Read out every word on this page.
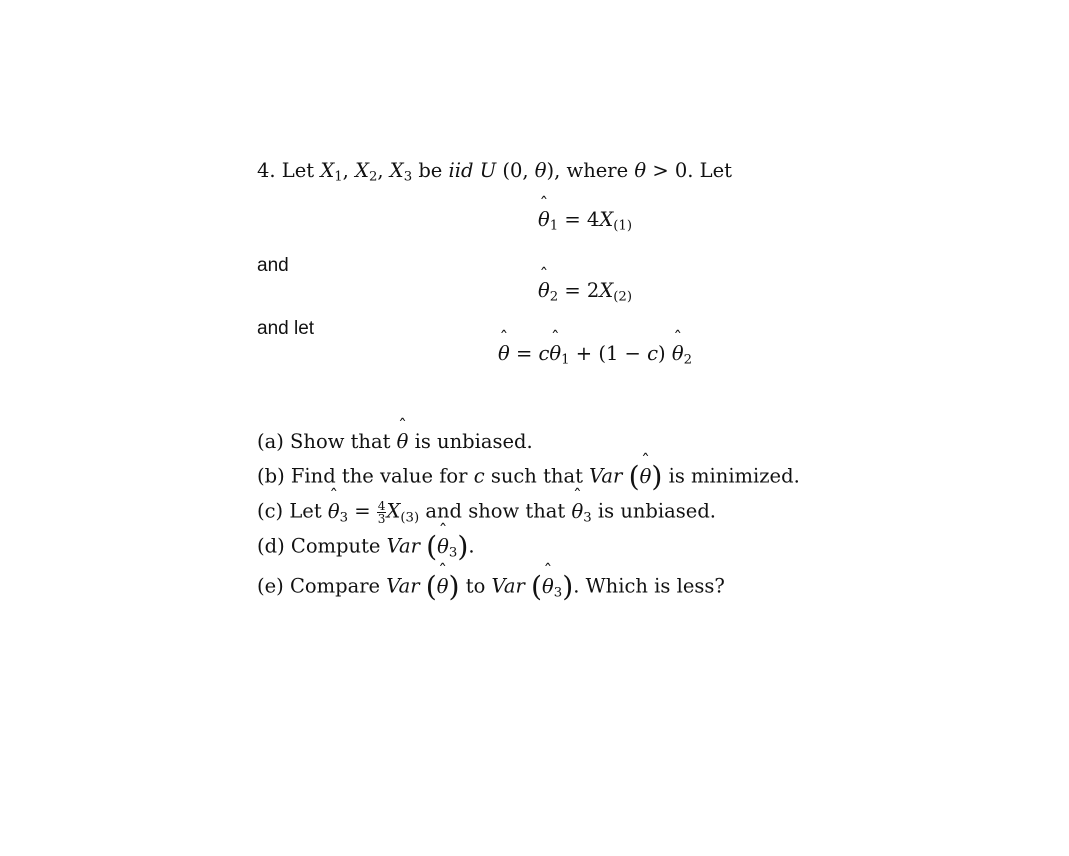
4. Let $X_1$, $X_2$, $X_3$ be iid U (0, θ), where θ > 0. Let
ˆ $\theta_1 = 4X_{(1)}$
and
ˆ $\theta_2 = 2X_{(2)}$
and let
ˆ θ = cˆ $\theta_1 + (1 - c)$ ˆ $\theta_2$
(a) Show that ˆ θ is unbiased.
(b) Find the value for c such that Var (ˆ θ) is minimized.
(c) Let ˆ $\theta_3 = \frac{4}{3} X_{(3)}$ and show that ˆ $\theta_3$ is unbiased.
(d) Compute Var (ˆ $\theta_3$).
(e) Compare Var (ˆ θ) to Var (ˆ $\theta_3$). Which is less?
